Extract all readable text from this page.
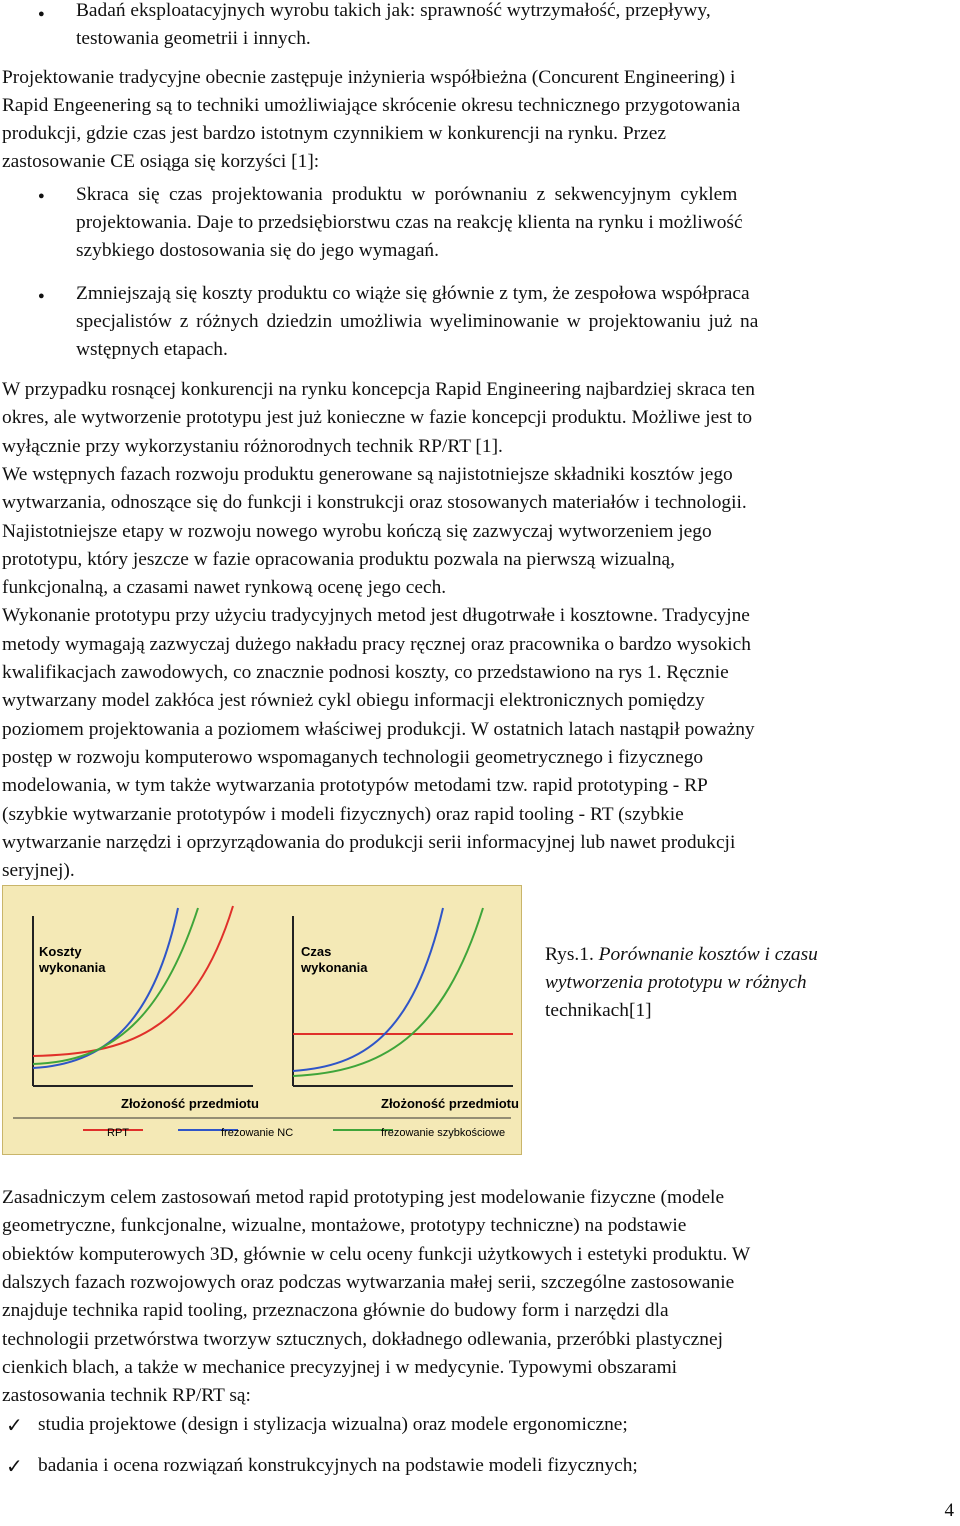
● Badań eksploatacyjnych wyrobu takich jak: sprawność wytrzymałość, przepływy,
testowania geometrii i innych.
Projektowanie tradycyjne obecnie zastępuje inżynieria współbieżna (Concurent Engineering) i
Rapid Engeenering są to techniki umożliwiające skrócenie okresu technicznego przygotowania
produkcji, gdzie czas jest bardzo istotnym czynnikiem w konkurencji na rynku. Przez
zastosowanie CE osiąga się korzyści [1]:
● Skraca się czas projektowania produktu w porównaniu z sekwencyjnym cyklem
projektowania. Daje to przedsiębiorstwu czas na reakcję klienta na rynku i możliwość
szybkiego dostosowania się do jego wymagań.
● Zmniejszają się koszty produktu co wiąże się głównie z tym, że zespołowa współpraca
specjalistów z różnych dziedzin umożliwia wyeliminowanie w projektowaniu już na
wstępnych etapach.
W przypadku rosnącej konkurencji na rynku koncepcja Rapid Engineering najbardziej skraca ten
okres, ale wytworzenie prototypu jest już konieczne w fazie koncepcji produktu. Możliwe jest to
wyłącznie przy wykorzystaniu różnorodnych technik RP/RT [1].
We wstępnych fazach rozwoju produktu generowane są najistotniejsze składniki kosztów jego
wytwarzania, odnoszące się do funkcji i konstrukcji oraz stosowanych materiałów i technologii.
Najistotniejsze etapy w rozwoju nowego wyrobu kończą się zazwyczaj wytworzeniem jego
prototypu, który jeszcze w fazie opracowania produktu pozwala na pierwszą wizualną,
funkcjonalną, a czasami nawet rynkową ocenę jego cech.
Wykonanie prototypu przy użyciu tradycyjnych metod jest długotrwałe i kosztowne. Tradycyjne
metody wymagają zazwyczaj dużego nakładu pracy ręcznej oraz pracownika o bardzo wysokich
kwalifikacjach zawodowych, co znacznie podnosi koszty, co przedstawiono na rys 1. Ręcznie
wytwarzany model zakłóca jest również cykl obiegu informacji elektronicznych pomiędzy
poziomem projektowania a poziomem właściwej produkcji. W ostatnich latach nastąpił poważny
postęp w rozwoju komputerowo wspomaganych technologii geometrycznego i fizycznego
modelowania, w tym także wytwarzania prototypów metodami tzw. rapid prototyping - RP
(szybkie wytwarzanie prototypów i modeli fizycznych) oraz rapid tooling - RT (szybkie
wytwarzanie narzędzi i oprzyrządowania do produkcji serii informacyjnej lub nawet produkcji
seryjnej).
Koszty
wykonania
Złożoność przedmiotu
Czas
wykonania
Złożoność przedmiotu
RPT	frezowanie NC	frezowanie szybkościowe
Rys.1. Porównanie kosztów i czasu
wytworzenia prototypu w różnych
technikach[1]
Zasadniczym celem zastosowań metod rapid prototyping jest modelowanie fizyczne (modele
geometryczne, funkcjonalne, wizualne, montażowe, prototypy techniczne) na podstawie
obiektów komputerowych 3D, głównie w celu oceny funkcji użytkowych i estetyki produktu. W
dalszych fazach rozwojowych oraz podczas wytwarzania małej serii, szczególne zastosowanie
znajduje technika rapid tooling, przeznaczona głównie do budowy form i narzędzi dla
technologii przetwórstwa tworzyw sztucznych, dokładnego odlewania, przeróbki plastycznej
cienkich blach, a także w mechanice precyzyjnej i w medycynie. Typowymi obszarami
zastosowania technik RP/RT są:
✓ studia projektowe (design i stylizacja wizualna) oraz modele ergonomiczne;
✓ badania i ocena rozwiązań konstrukcyjnych na podstawie modeli fizycznych;
4
